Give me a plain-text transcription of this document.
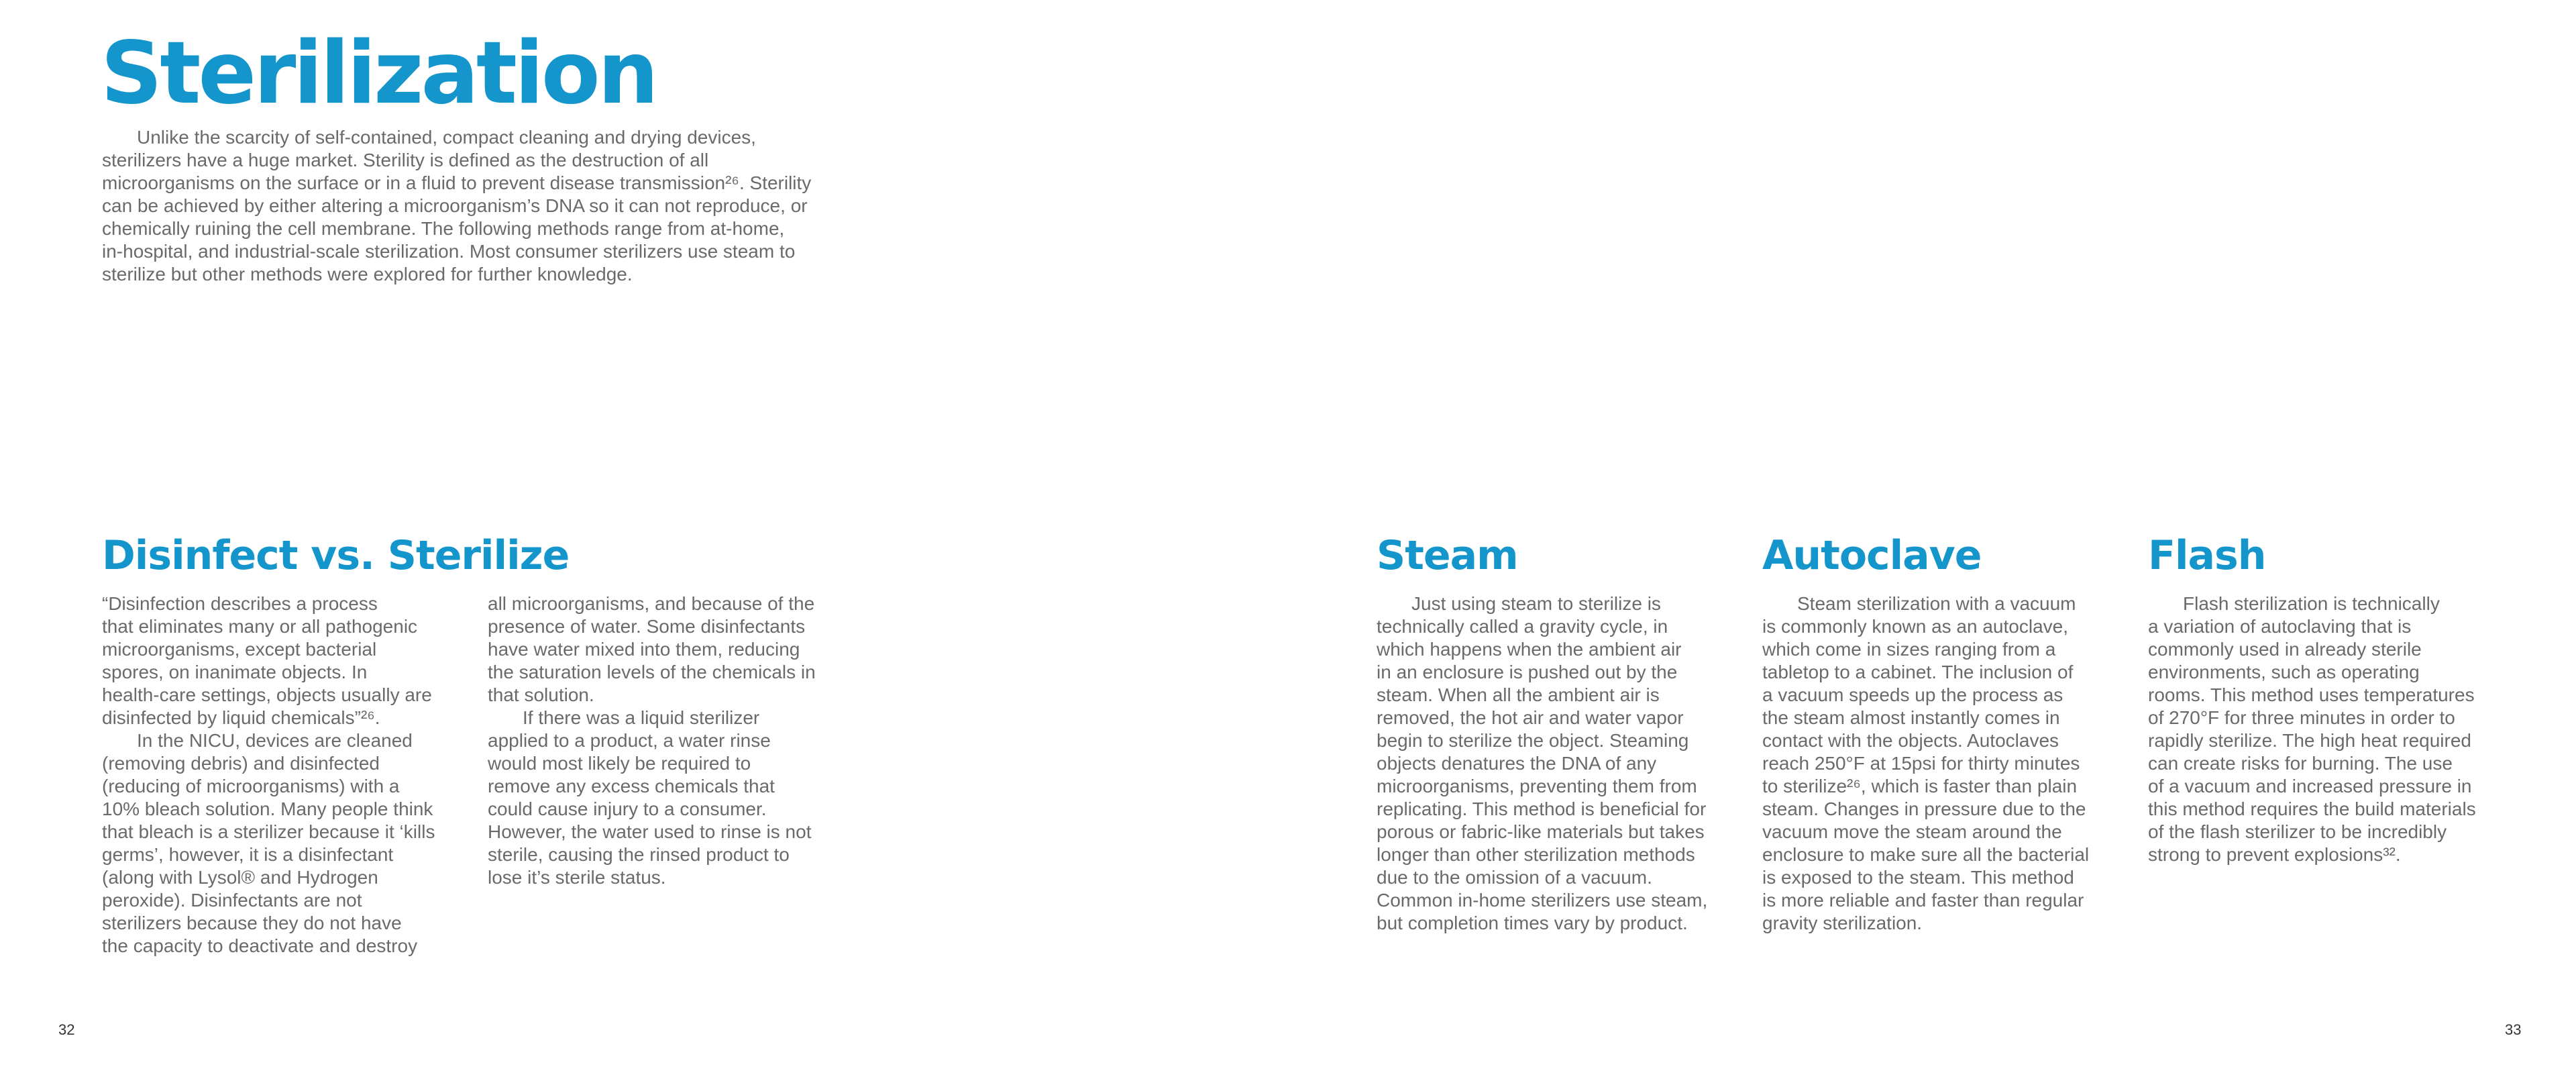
Sterilization

Unlike the scarcity of self-contained, compact cleaning and drying devices,

sterilizers have a huge market. Sterility is defined as the destruction of all

microorganisms on the surface or in a fluid to prevent disease transmission²⁶. Sterility

can be achieved by either altering a microorganism’s DNA so it can not reproduce, or

chemically ruining the cell membrane. The following methods range from at-home,

in-hospital, and industrial-scale sterilization. Most consumer sterilizers use steam to

sterilize but other methods were explored for further knowledge.

Disinfect vs. Sterilize

“Disinfection describes a process

that eliminates many or all pathogenic

microorganisms, except bacterial

spores, on inanimate objects. In

health-care settings, objects usually are

disinfected by liquid chemicals”²⁶.

In the NICU, devices are cleaned

(removing debris) and disinfected

(reducing of microorganisms) with a

10% bleach solution. Many people think

that bleach is a sterilizer because it ‘kills

germs’, however, it is a disinfectant

(along with Lysol® and Hydrogen

peroxide). Disinfectants are not

sterilizers because they do not have

the capacity to deactivate and destroy

all microorganisms, and because of the

presence of water. Some disinfectants

have water mixed into them, reducing

the saturation levels of the chemicals in

that solution.

If there was a liquid sterilizer

applied to a product, a water rinse

would most likely be required to

remove any excess chemicals that

could cause injury to a consumer.

However, the water used to rinse is not

sterile, causing the rinsed product to

lose it’s sterile status.

Steam

Just using steam to sterilize is

technically called a gravity cycle, in

which happens when the ambient air

in an enclosure is pushed out by the

steam. When all the ambient air is

removed, the hot air and water vapor

begin to sterilize the object. Steaming

objects denatures the DNA of any

microorganisms, preventing them from

replicating. This method is beneficial for

porous or fabric-like materials but takes

longer than other sterilization methods

due to the omission of a vacuum.

Common in-home sterilizers use steam,

but completion times vary by product.

Autoclave

Steam sterilization with a vacuum

is commonly known as an autoclave,

which come in sizes ranging from a

tabletop to a cabinet. The inclusion of

a vacuum speeds up the process as

the steam almost instantly comes in

contact with the objects. Autoclaves

reach 250°F at 15psi for thirty minutes

to sterilize²⁶, which is faster than plain

steam. Changes in pressure due to the

vacuum move the steam around the

enclosure to make sure all the bacterial

is exposed to the steam. This method

is more reliable and faster than regular

gravity sterilization.

Flash

Flash sterilization is technically

a variation of autoclaving that is

commonly used in already sterile

environments, such as operating

rooms. This method uses temperatures

of 270°F for three minutes in order to

rapidly sterilize. The high heat required

can create risks for burning. The use

of a vacuum and increased pressure in

this method requires the build materials

of the flash sterilizer to be incredibly

strong to prevent explosions³².

32	33
